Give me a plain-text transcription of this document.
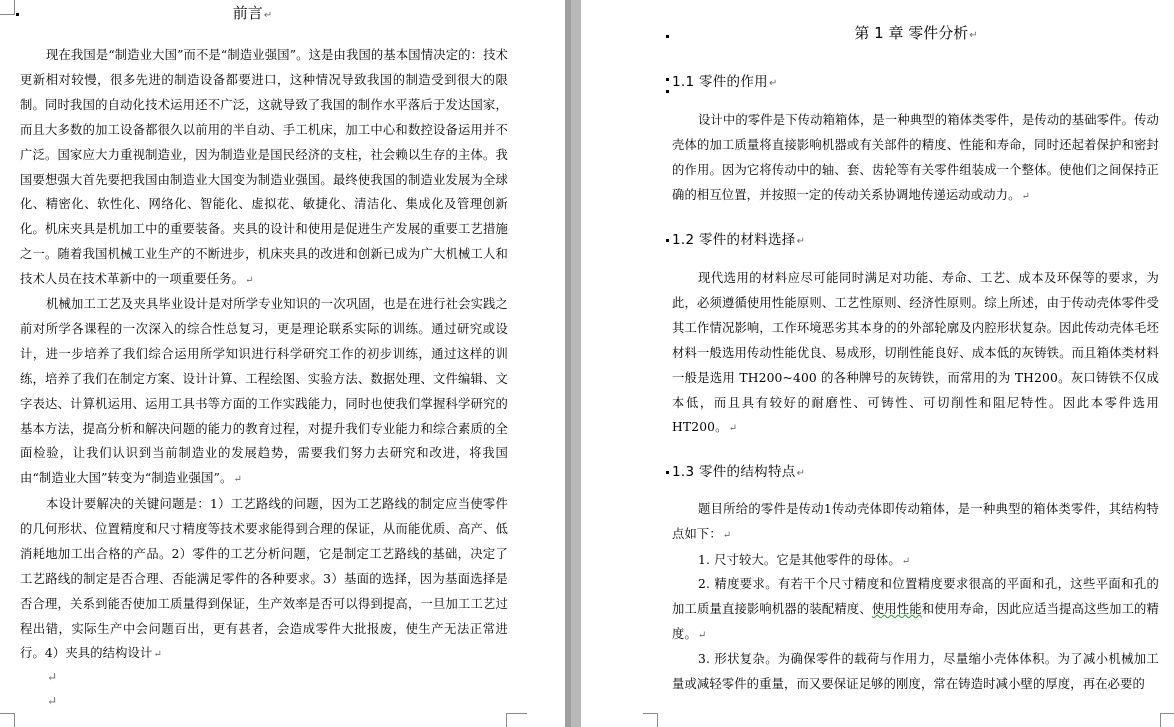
前言↵

现在我国是“制造业大国”而不是“制造业强国”。这是由我国的基本国情决定的：技术更新相对较慢，很多先进的制造设备都要进口，这种情况导致我国的制造受到很大的限制。同时我国的自动化技术运用还不广泛，这就导致了我国的制作水平落后于发达国家，而且大多数的加工设备都很久以前用的半自动、手工机床，加工中心和数控设备运用并不广泛。国家应大力重视制造业，因为制造业是国民经济的支柱，社会赖以生存的主体。我国要想强大首先要把我国由制造业大国变为制造业强国。最终使我国的制造业发展为全球化、精密化、软性化、网络化、智能化、虚拟花、敏捷化、清洁化、集成化及管理创新化。机床夹具是机加工中的重要装备。夹具的设计和使用是促进生产发展的重要工艺措施之一。随着我国机械工业生产的不断进步，机床夹具的改进和创新已成为广大机械工人和技术人员在技术革新中的一项重要任务。↵

机械加工工艺及夹具毕业设计是对所学专业知识的一次巩固，也是在进行社会实践之前对所学各课程的一次深入的综合性总复习，更是理论联系实际的训练。通过研究或设计，进一步培养了我们综合运用所学知识进行科学研究工作的初步训练，通过这样的训练，培养了我们在制定方案、设计计算、工程绘图、实验方法、数据处理、文件编辑、文字表达、计算机运用、运用工具书等方面的工作实践能力，同时也使我们掌握科学研究的基本方法，提高分析和解决问题的能力的教育过程，对提升我们专业能力和综合素质的全面检验，让我们认识到当前制造业的发展趋势，需要我们努力去研究和改进，将我国由“制造业大国”转变为“制造业强国”。↵

本设计要解决的关键问题是：1）工艺路线的问题，因为工艺路线的制定应当使零件的几何形状、位置精度和尺寸精度等技术要求能得到合理的保证，从而能优质、高产、低消耗地加工出合格的产品。2）零件的工艺分析问题，它是制定工艺路线的基础，决定了工艺路线的制定是否合理、否能满足零件的各种要求。3）基面的选择，因为基面选择是否合理，关系到能否使加工质量得到保证，生产效率是否可以得到提高，一旦加工工艺过程出错，实际生产中会问题百出，更有甚者，会造成零件大批报废，使生产无法正常进行。4）夹具的结构设计↵

↵
↵
第 1 章 零件分析↵
1.1 零件的作用↵

设计中的零件是下传动箱箱体，是一种典型的箱体类零件，是传动的基础零件。传动壳体的加工质量将直接影响机器或有关部件的精度、性能和寿命，同时还起着保护和密封的作用。因为它将传动中的轴、套、齿轮等有关零件组装成一个整体。使他们之间保持正确的相互位置，并按照一定的传动关系协调地传递运动或动力。↵

1.2 零件的材料选择↵

现代选用的材料应尽可能同时满足对功能、寿命、工艺、成本及环保等的要求，为此，必须遵循使用性能原则、工艺性原则、经济性原则。综上所述，由于传动壳体零件受其工作情况影响，工作环境恶劣其本身的的外部轮廓及内腔形状复杂。因此传动壳体毛坯材料一般选用传动性能优良、易成形，切削性能良好、成本低的灰铸铁。而且箱体类材料一般是选用 TH200~400 的各种牌号的灰铸铁，而常用的为 TH200。灰口铸铁不仅成本低，而且具有较好的耐磨性、可铸性、可切削性和阻尼特性。因此本零件选用HT200。↵

1.3 零件的结构特点↵

题目所给的零件是传动1传动壳体即传动箱体，是一种典型的箱体类零件，其结构特点如下：↵

1. 尺寸较大。它是其他零件的母体。↵

2. 精度要求。有若干个尺寸精度和位置精度要求很高的平面和孔，这些平面和孔的加工质量直接影响机器的装配精度、使用性能和使用寿命，因此应适当提高这些加工的精度。↵

3. 形状复杂。为确保零件的载荷与作用力，尽量缩小壳体体积。为了减小机械加工量或减轻零件的重量，而又要保证足够的刚度，常在铸造时减小壁的厚度，再在必要的
